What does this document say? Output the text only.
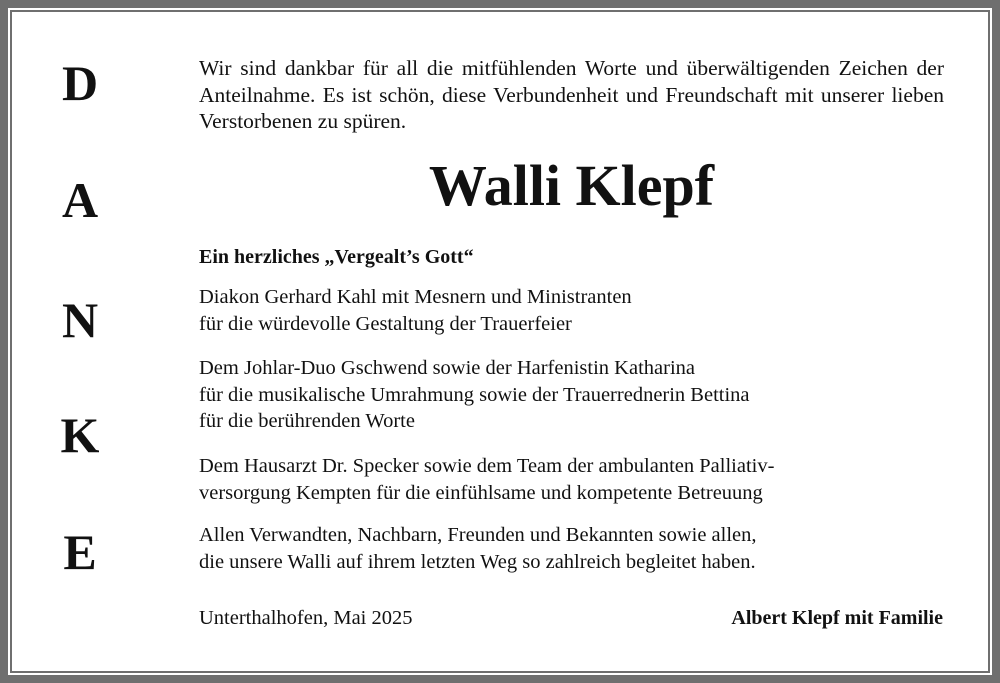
D
A
N
K
E
Wir sind dankbar für all die mitfühlenden Worte und überwältigenden Zeichen der Anteilnahme. Es ist schön, diese Verbundenheit und Freundschaft mit unserer lieben Verstorbenen zu spüren.
Walli Klepf
Ein herzliches „Vergealt’s Gott“
Diakon Gerhard Kahl mit Mesnern und Ministranten
für die würdevolle Gestaltung der Trauerfeier
Dem Johlar-Duo Gschwend sowie der Harfenistin Katharina
für die musikalische Umrahmung sowie der Trauerrednerin Bettina
für die berührenden Worte
Dem Hausarzt Dr. Specker sowie dem Team der ambulanten Palliativ-
versorgung Kempten für die einfühlsame und kompetente Betreuung
Allen Verwandten, Nachbarn, Freunden und Bekannten sowie allen,
die unsere Walli auf ihrem letzten Weg so zahlreich begleitet haben.
Unterthalhofen, Mai 2025	Albert Klepf mit Familie
